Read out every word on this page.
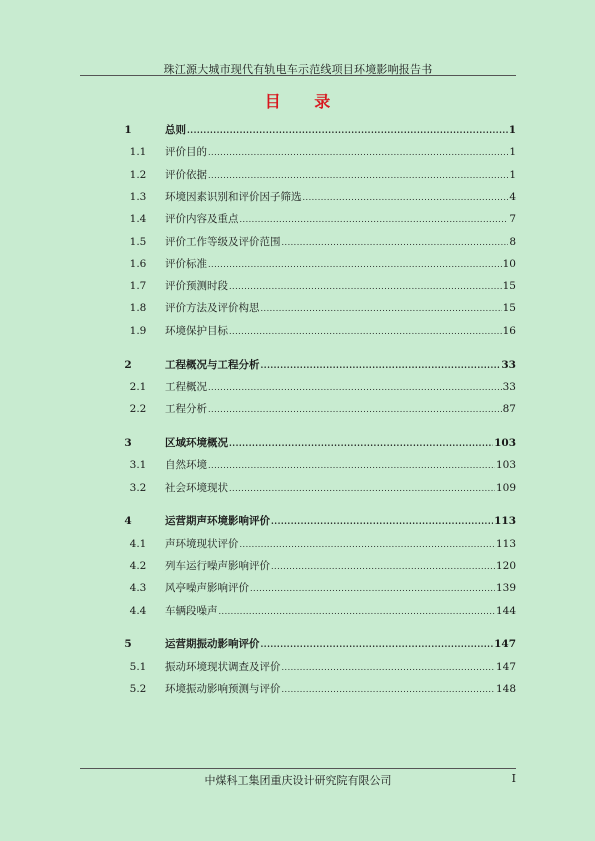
珠江源大城市现代有轨电车示范线项目环境影响报告书
目 录
1	总则 .....	1
1.1	评价目的 .....	1
1.2	评价依据 .....	1
1.3	环境因素识别和评价因子筛选 .....	4
1.4	评价内容及重点 .....	7
1.5	评价工作等级及评价范围 .....	8
1.6	评价标准 .....	10
1.7	评价预测时段 .....	15
1.8	评价方法及评价构思 .....	15
1.9	环境保护目标 .....	16
2	工程概况与工程分析 .....	33
2.1	工程概况 .....	33
2.2	工程分析 .....	87
3	区域环境概况 .....	103
3.1	自然环境 .....	103
3.2	社会环境现状 .....	109
4	运营期声环境影响评价 .....	113
4.1	声环境现状评价 .....	113
4.2	列车运行噪声影响评价 .....	120
4.3	风亭噪声影响评价 .....	139
4.4	车辆段噪声 .....	144
5	运营期振动影响评价 .....	147
5.1	振动环境现状调查及评价 .....	147
5.2	环境振动影响预测与评价 .....	148
中煤科工集团重庆设计研究院有限公司	I
